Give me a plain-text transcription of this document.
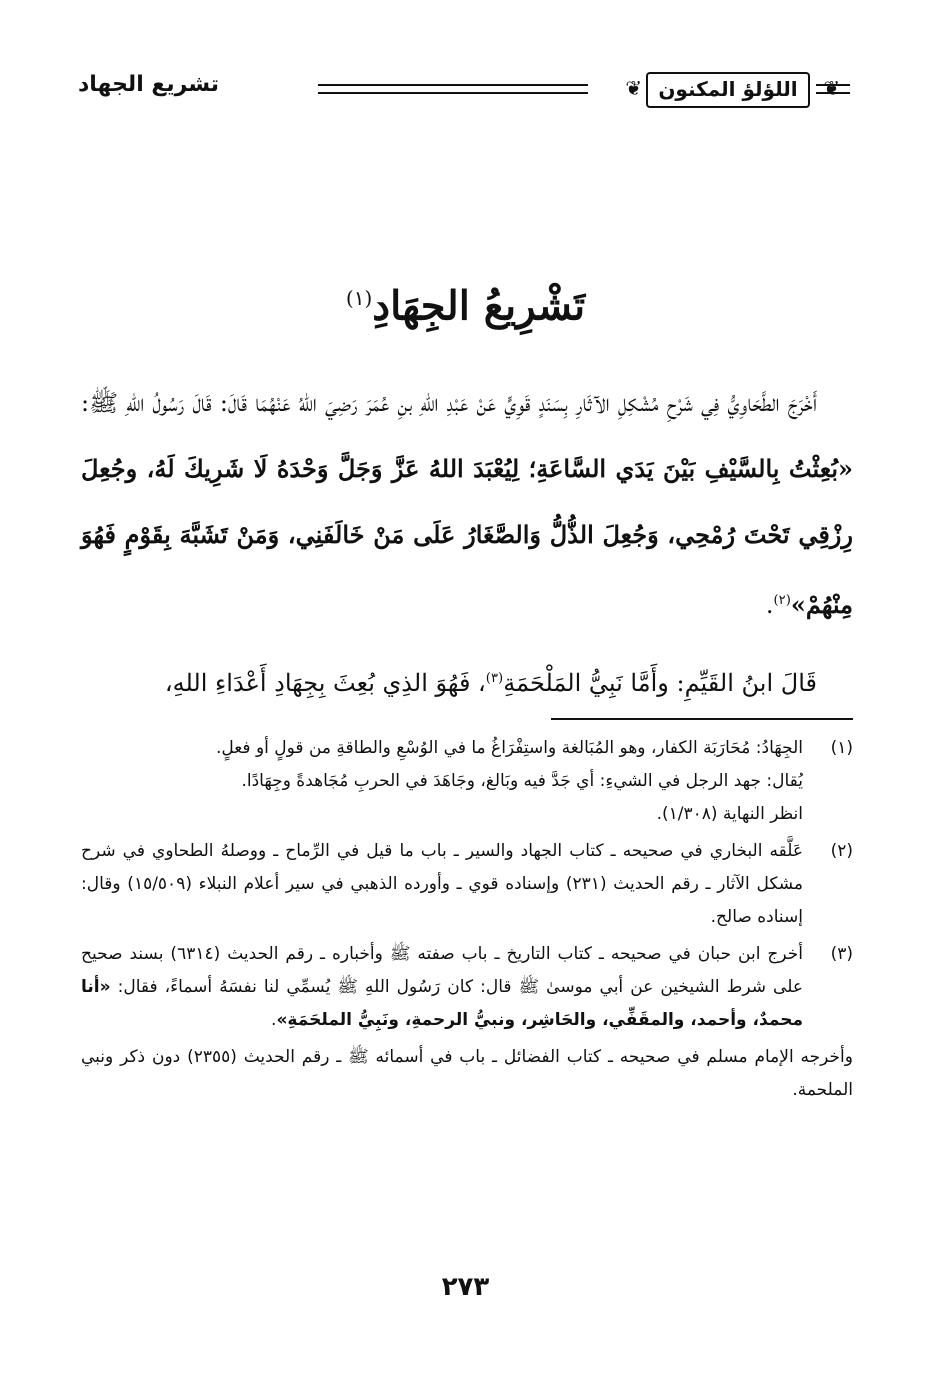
❦ اللؤلؤ المكنون ❦
تشريع الجهاد
تَشْرِيعُ الجِهَادِ$^{(١)}$

أَخْرَجَ الطَّحَاوِيُّ فِي شَرْحِ مُشْكِلِ الآثَارِ بِسَنَدٍ قَوِيٍّ عَنْ عَبْدِ اللهِ بنِ عُمَرَ رَضِيَ اللهُ عَنْهُمَا قَالَ: قَالَ رَسُولُ اللهِ ﷺ: «بُعِثْتُ بِالسَّيْفِ بَيْنَ يَدَي السَّاعَةِ؛ لِيُعْبَدَ اللهُ عَزَّ وَجَلَّ وَحْدَهُ لَا شَرِيكَ لَهُ، وجُعِلَ رِزْقِي تَحْتَ رُمْحِي، وَجُعِلَ الذُّلُّ وَالصَّغَارُ عَلَى مَنْ خَالَفَنِي، وَمَنْ تَشَبَّهَ بِقَوْمٍ فَهُوَ مِنْهُمْ»$^{(٢)}$.

قَالَ ابنُ القَيِّمِ: وأَمَّا نَبِيُّ المَلْحَمَةِ$^{(٣)}$، فَهُوَ الذِي بُعِثَ بِجِهَادِ أَعْدَاءِ اللهِ،

(١)
الجِهَادُ: مُحَارَبَة الكفار، وهو المُبَالغة واستِفْرَاغُ ما في الوُسْعِ والطاقةِ من قولٍ أو فعلٍ.
يُقال: جهد الرجل في الشيءِ: أي جَدَّ فيه وبَالغ، وجَاهَدَ في الحربِ مُجَاهدةً وجِهَادًا.
انظر النهاية (١/٣٠٨).
(٢)
عَلَّقه البخاري في صحيحه ـ كتاب الجهاد والسير ـ باب ما قيل في الرِّماح ـ ووصلهُ الطحاوي في شرح مشكل الآثار ـ رقم الحديث (٢٣١) وإسناده قوي ـ وأورده الذهبي في سير أعلام النبلاء (١٥/٥٠٩) وقال: إسناده صالح.
(٣)
أخرج ابن حبان في صحيحه ـ كتاب التاريخ ـ باب صفته ﷺ وأخباره ـ رقم الحديث (٦٣١٤) بسند صحيح على شرط الشيخين عن أبي موسىٰ ﷺ قال: كان رَسُول اللهِ ﷺ يُسمِّي لنا نفسَهُ أسماءً، فقال: «أنا محمدٌ، وأحمد، والمقَفِّي، والحَاشِر، ونبيُّ الرحمةِ، ونَبِيُّ الملحَمَةِ».
وأخرجه الإمام مسلم في صحيحه ـ كتاب الفضائل ـ باب في أسمائه ﷺ ـ رقم الحديث (٢٣٥٥) دون ذكر ونبي الملحمة.
٢٧٣
